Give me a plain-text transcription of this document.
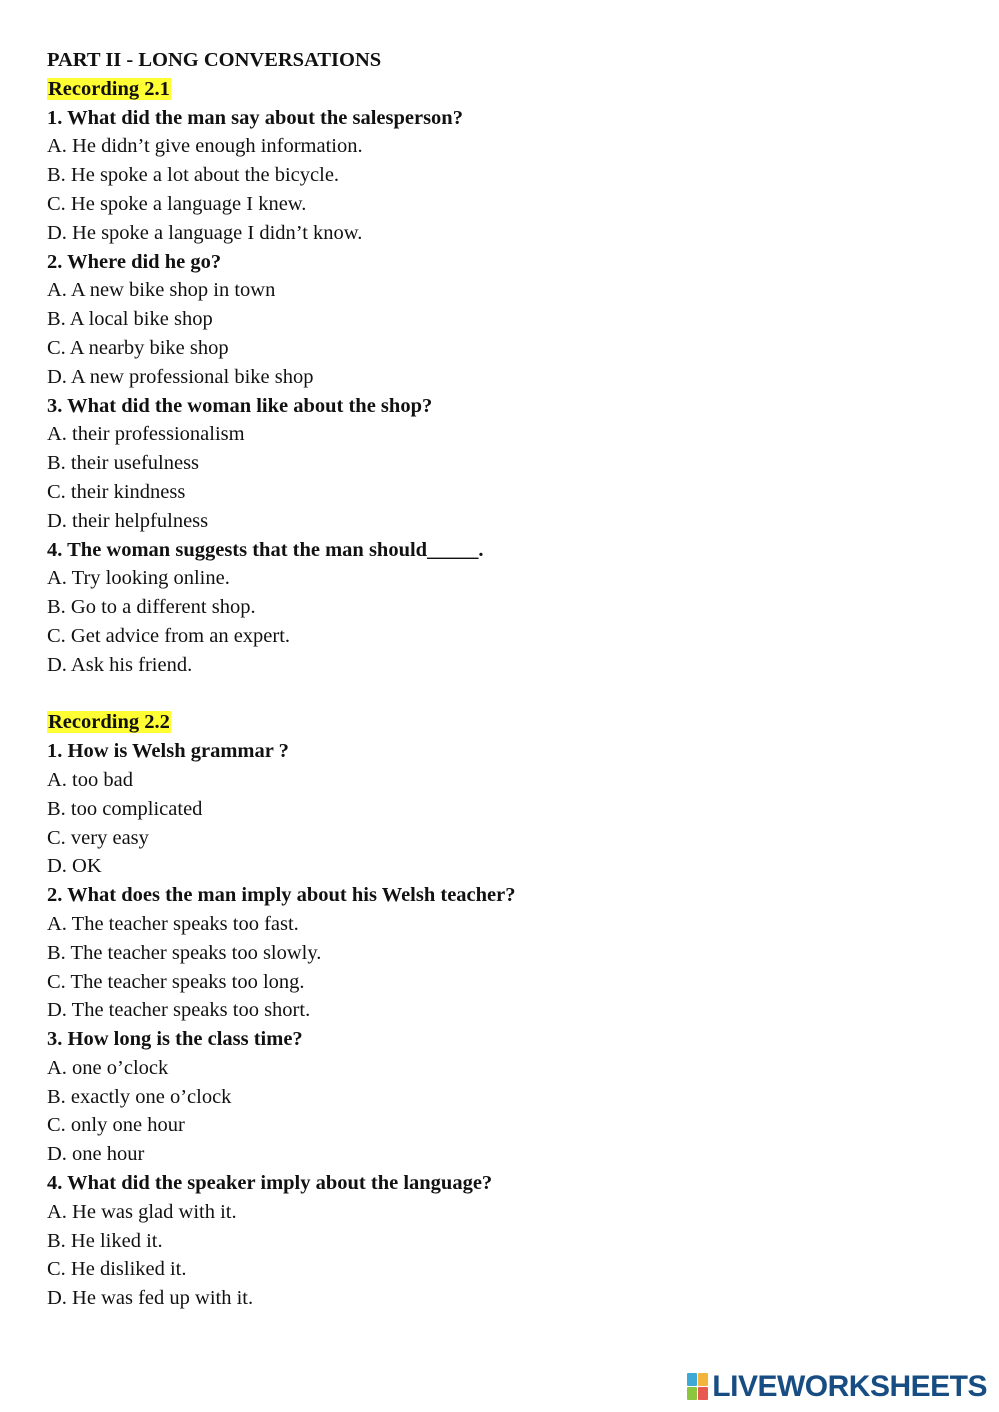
PART II - LONG CONVERSATIONS
Recording 2.1
1. What did the man say about the salesperson?
A. He didn’t give enough information.
B. He spoke a lot about the bicycle.
C. He spoke a language I knew.
D. He spoke a language I didn’t know.
2. Where did he go?
A. A new bike shop in town
B. A local bike shop
C. A nearby bike shop
D. A new professional bike shop
3. What did the woman like about the shop?
A. their professionalism
B. their usefulness
C. their kindness
D. their helpfulness
4. The woman suggests that the man should_____.
A. Try looking online.
B. Go to a different shop.
C. Get advice from an expert.
D. Ask his friend.
Recording 2.2
1. How is Welsh grammar ?
A. too bad
B. too complicated
C. very easy
D. OK
2. What does the man imply about his Welsh teacher?
A. The teacher speaks too fast.
B. The teacher speaks too slowly.
C. The teacher speaks too long.
D. The teacher speaks too short.
3. How long is the class time?
A. one o’clock
B. exactly one o’clock
C. only one hour
D. one hour
4. What did the speaker imply about the language?
A. He was glad with it.
B. He liked it.
C. He disliked it.
D. He was fed up with it.
LIVEWORKSHEETS
